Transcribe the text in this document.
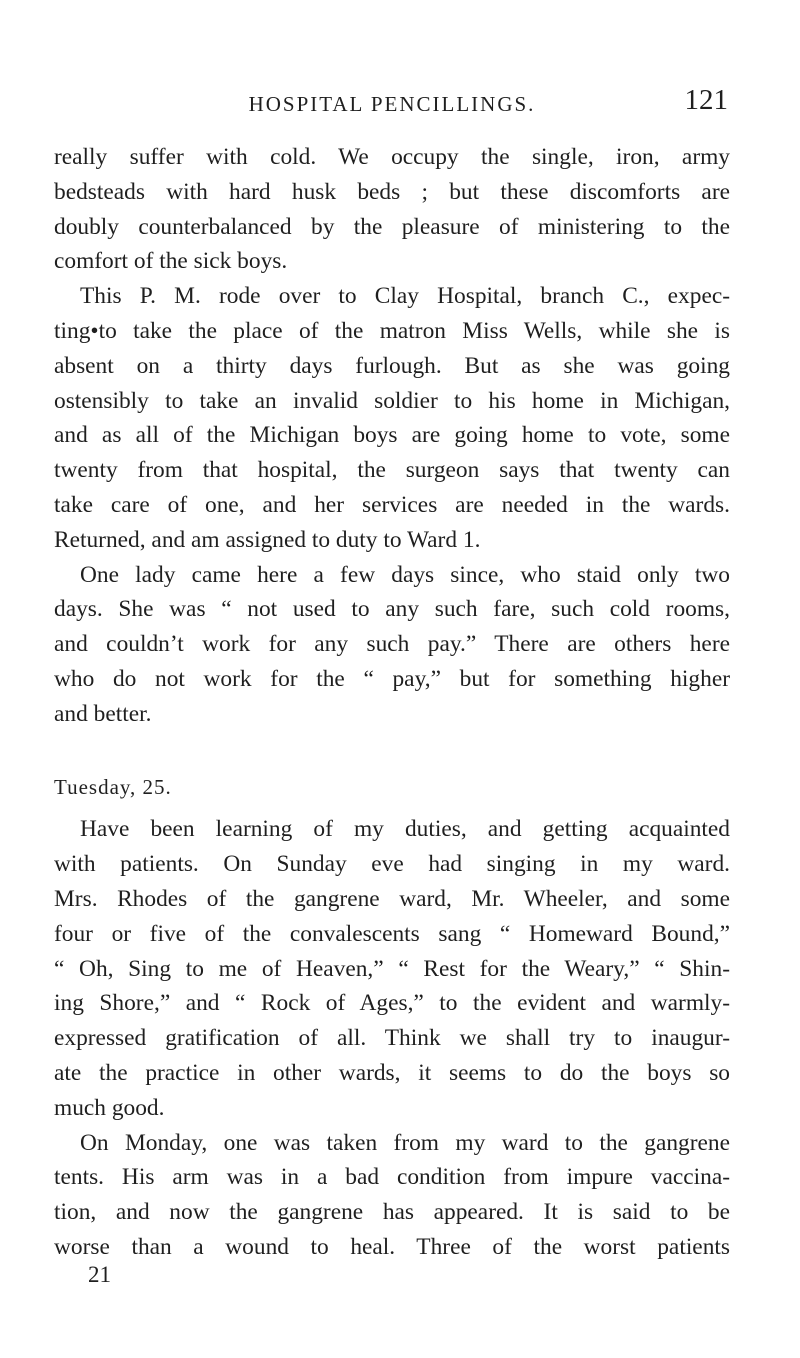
HOSPITAL PENCILLINGS.	121
really suffer with cold. We occupy the single, iron, army
bedsteads with hard husk beds ; but these discomforts are
doubly counterbalanced by the pleasure of ministering to the
comfort of the sick boys.
This P. M. rode over to Clay Hospital, branch C., expec-
ting•to take the place of the matron Miss Wells, while she is
absent on a thirty days furlough. But as she was going
ostensibly to take an invalid soldier to his home in Michigan,
and as all of the Michigan boys are going home to vote, some
twenty from that hospital, the surgeon says that twenty can
take care of one, and her services are needed in the wards.
Returned, and am assigned to duty to Ward 1.
One lady came here a few days since, who staid only two
days. She was “ not used to any such fare, such cold rooms,
and couldn’t work for any such pay.” There are others here
who do not work for the “ pay,” but for something higher
and better.
Tuesday, 25.
Have been learning of my duties, and getting acquainted
with patients. On Sunday eve had singing in my ward.
Mrs. Rhodes of the gangrene ward, Mr. Wheeler, and some
four or five of the convalescents sang “ Homeward Bound,”
“ Oh, Sing to me of Heaven,” “ Rest for the Weary,” “ Shin-
ing Shore,” and “ Rock of Ages,” to the evident and warmly-
expressed gratification of all. Think we shall try to inaugur-
ate the practice in other wards, it seems to do the boys so
much good.
On Monday, one was taken from my ward to the gangrene
tents. His arm was in a bad condition from impure vaccina-
tion, and now the gangrene has appeared. It is said to be
worse than a wound to heal. Three of the worst patients
21
